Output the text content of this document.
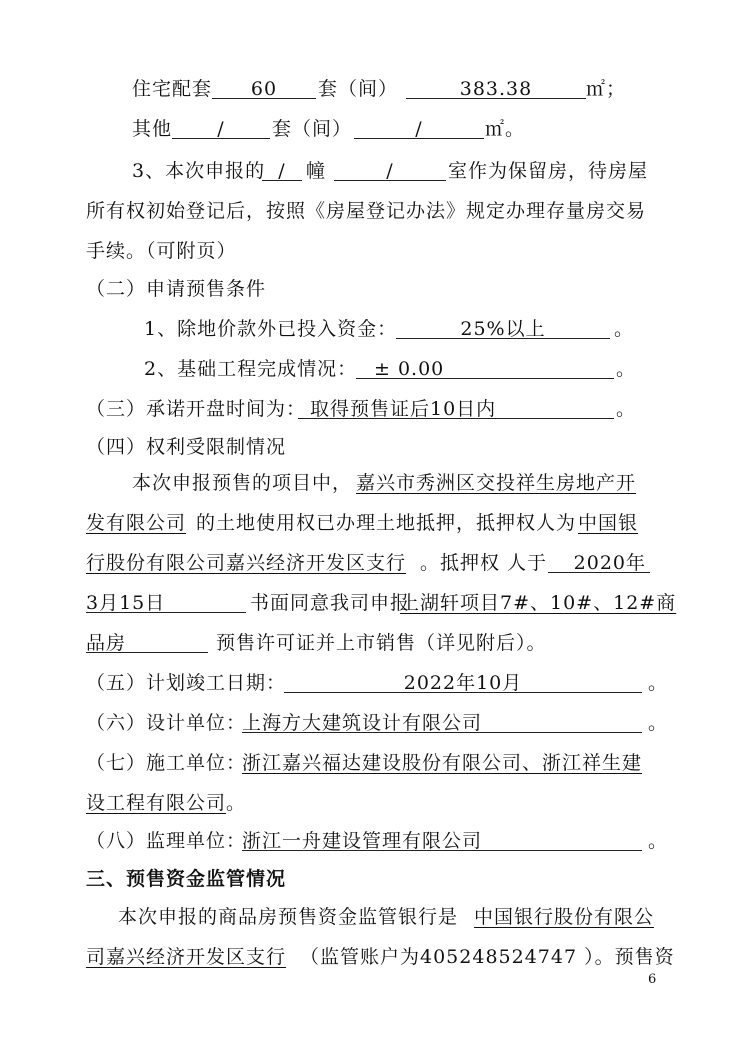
住宅配套	60	套（间）	383.38	㎡；
其他	/	套（间）	/	㎡。
3、本次申报的 /	幢	/	室作为保留房，待房屋
所有权初始登记后，按照《房屋登记办法》规定办理存量房交易
手续。（可附页）
（二）申请预售条件
1、除地价款外已投入资金：	25%以上	。
2、基础工程完成情况： ± 0.00	。
（三）承诺开盘时间为： 取得预售证后10日内	。
（四）权利受限制情况
本次申报预售的项目中， 嘉兴市秀洲区交投祥生房地产开
发有限公司 的土地使用权已办理土地抵押，抵押权人为 中国银
行股份有限公司嘉兴经济开发区支行 。抵押权 人于	2020年
3月15日	书面同意我司申报
上湖轩项目7#、10#、12#商
品房	预售许可证并上市销售（详见附后）。
（五）计划竣工日期：	2022年10月	。
（六）设计单位：
上海方大建筑设计有限公司	。
（七）施工单位：
浙江嘉兴福达建设股份有限公司、浙江祥生建
设工程有限公司 。
（八）监理单位：
浙江一舟建设管理有限公司	。
三、预售资金监管情况
本次申报的商品房预售资金监管银行是 中国银行股份有限公
司嘉兴经济开发区支行 （监管账户为405248524747 ）。预售资
6
